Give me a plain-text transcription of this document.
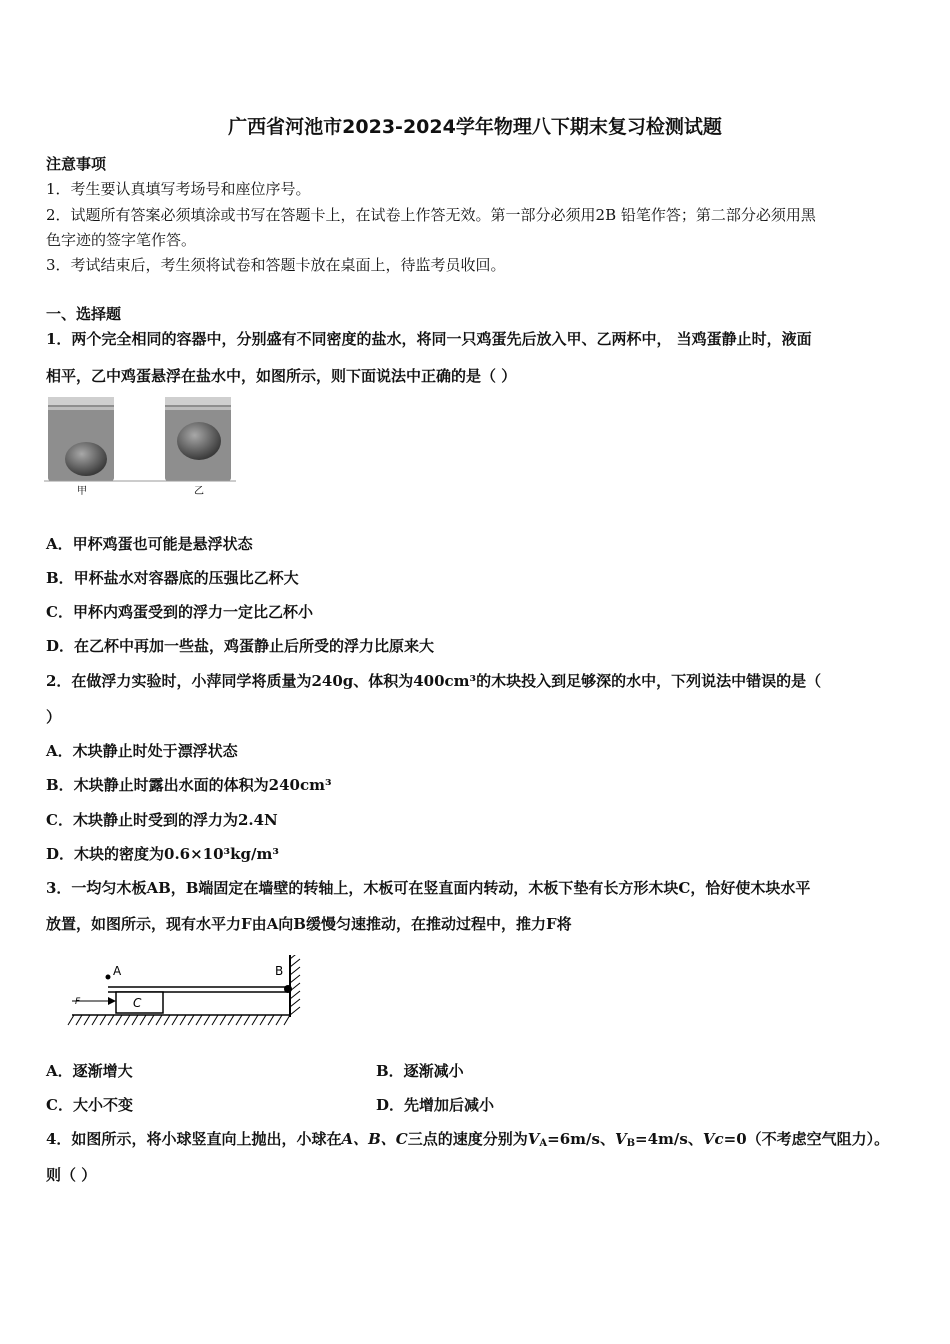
广西省河池市2023-2024学年物理八下期末复习检测试题
注意事项
1．考生要认真填写考场号和座位序号。
2．试题所有答案必须填涂或书写在答题卡上，在试卷上作答无效。第一部分必须用2B 铅笔作答；第二部分必须用黑
色字迹的签字笔作答。
3．考试结束后，考生须将试卷和答题卡放在桌面上，待监考员收回。
一、选择题
1．两个完全相同的容器中，分别盛有不同密度的盐水，将同一只鸡蛋先后放入甲、乙两杯中， 当鸡蛋静止时，液面
相平，乙中鸡蛋悬浮在盐水中，如图所示，则下面说法中正确的是（ ）
甲	乙
A．甲杯鸡蛋也可能是悬浮状态
B．甲杯盐水对容器底的压强比乙杯大
C．甲杯内鸡蛋受到的浮力一定比乙杯小
D．在乙杯中再加一些盐，鸡蛋静止后所受的浮力比原来大
2．在做浮力实验时，小萍同学将质量为240g、体积为400cm³的木块投入到足够深的水中，下列说法中错误的是（
）
A．木块静止时处于漂浮状态
B．木块静止时露出水面的体积为240cm³
C．木块静止时受到的浮力为2.4N
D．木块的密度为0.6×10³kg/m³
3．一均匀木板AB，B端固定在墙壁的转轴上，木板可在竖直面内转动，木板下垫有长方形木块C，恰好使木块水平
放置，如图所示，现有水平力F由A向B缓慢匀速推动，在推动过程中，推力F将
A	B
C
F
A．逐渐增大	B．逐渐减小
C．大小不变	D．先增加后减小
4．如图所示，将小球竖直向上抛出，小球在A、B、C三点的速度分别为$V_A=6m/s$、$V_B=4m/s$、Vc=0（不考虑空气阻力）。
则（ ）
